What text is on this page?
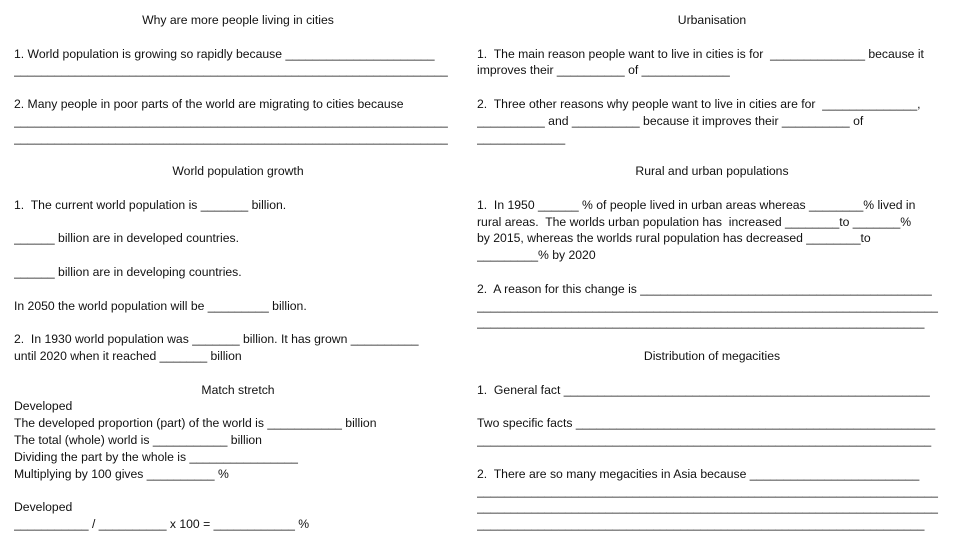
Why are more people living in cities
1. World population is growing so rapidly because ______________________
________________________________________________________________
2. Many people in poor parts of the world are migrating to cities because
________________________________________________________________
________________________________________________________________
World population growth
1.  The current world population is _______ billion.
______ billion are in developed countries.
______ billion are in developing countries.
In 2050 the world population will be _________ billion.
2.  In 1930 world population was _______ billion. It has grown __________
until 2020 when it reached _______ billion
Match stretch
Developed
The developed proportion (part) of the world is ___________ billion
The total (whole) world is ___________ billion
Dividing the part by the whole is ________________
Multiplying by 100 gives __________ %
Developed
___________ / __________ x 100 = ____________ %
Urbanisation
1.  The main reason people want to live in cities is for  ______________ because it
improves their __________ of _____________
2.  Three other reasons why people want to live in cities are for  ______________,
__________ and __________ because it improves their __________ of
_____________
Rural and urban populations
1.  In 1950 ______ % of people lived in urban areas whereas ________% lived in
rural areas.  The worlds urban population has  increased ________to _______%
by 2015, whereas the worlds rural population has decreased ________to
_________% by 2020
2.  A reason for this change is ___________________________________________
____________________________________________________________________
__________________________________________________________________
Distribution of megacities
1.  General fact ______________________________________________________
Two specific facts _____________________________________________________
___________________________________________________________________
2.  There are so many megacities in Asia because _________________________
____________________________________________________________________
____________________________________________________________________
__________________________________________________________________
